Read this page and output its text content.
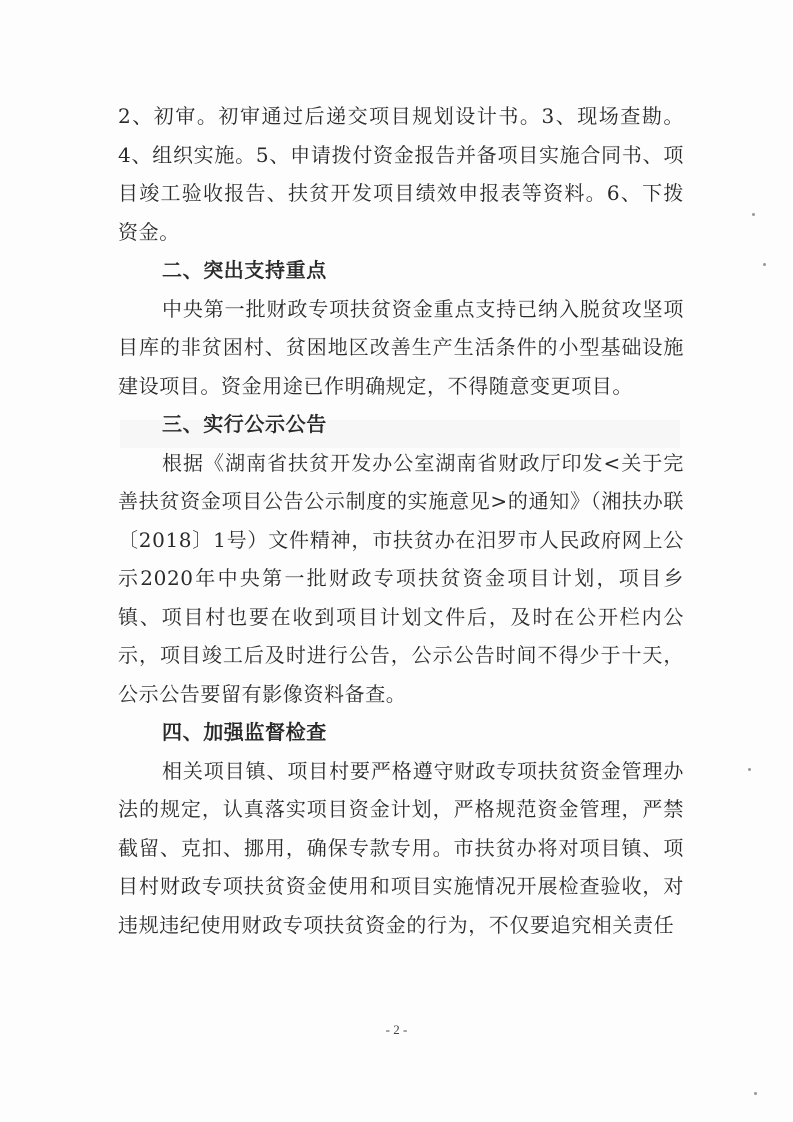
2、初审。初审通过后递交项目规划设计书。3、现场查勘。4、组织实施。5、申请拨付资金报告并备项目实施合同书、项目竣工验收报告、扶贫开发项目绩效申报表等资料。6、下拨资金。

二、突出支持重点

中央第一批财政专项扶贫资金重点支持已纳入脱贫攻坚项目库的非贫困村、贫困地区改善生产生活条件的小型基础设施建设项目。资金用途已作明确规定，不得随意变更项目。

三、实行公示公告

根据《湖南省扶贫开发办公室湖南省财政厅印发<关于完善扶贫资金项目公告公示制度的实施意见>的通知》（湘扶办联〔2018〕1号）文件精神，市扶贫办在汨罗市人民政府网上公示2020年中央第一批财政专项扶贫资金项目计划，项目乡镇、项目村也要在收到项目计划文件后，及时在公开栏内公示，项目竣工后及时进行公告，公示公告时间不得少于十天，公示公告要留有影像资料备查。

四、加强监督检查

相关项目镇、项目村要严格遵守财政专项扶贫资金管理办法的规定，认真落实项目资金计划，严格规范资金管理，严禁截留、克扣、挪用，确保专款专用。市扶贫办将对项目镇、项目村财政专项扶贫资金使用和项目实施情况开展检查验收，对违规违纪使用财政专项扶贫资金的行为，不仅要追究相关责任

- 2 -
